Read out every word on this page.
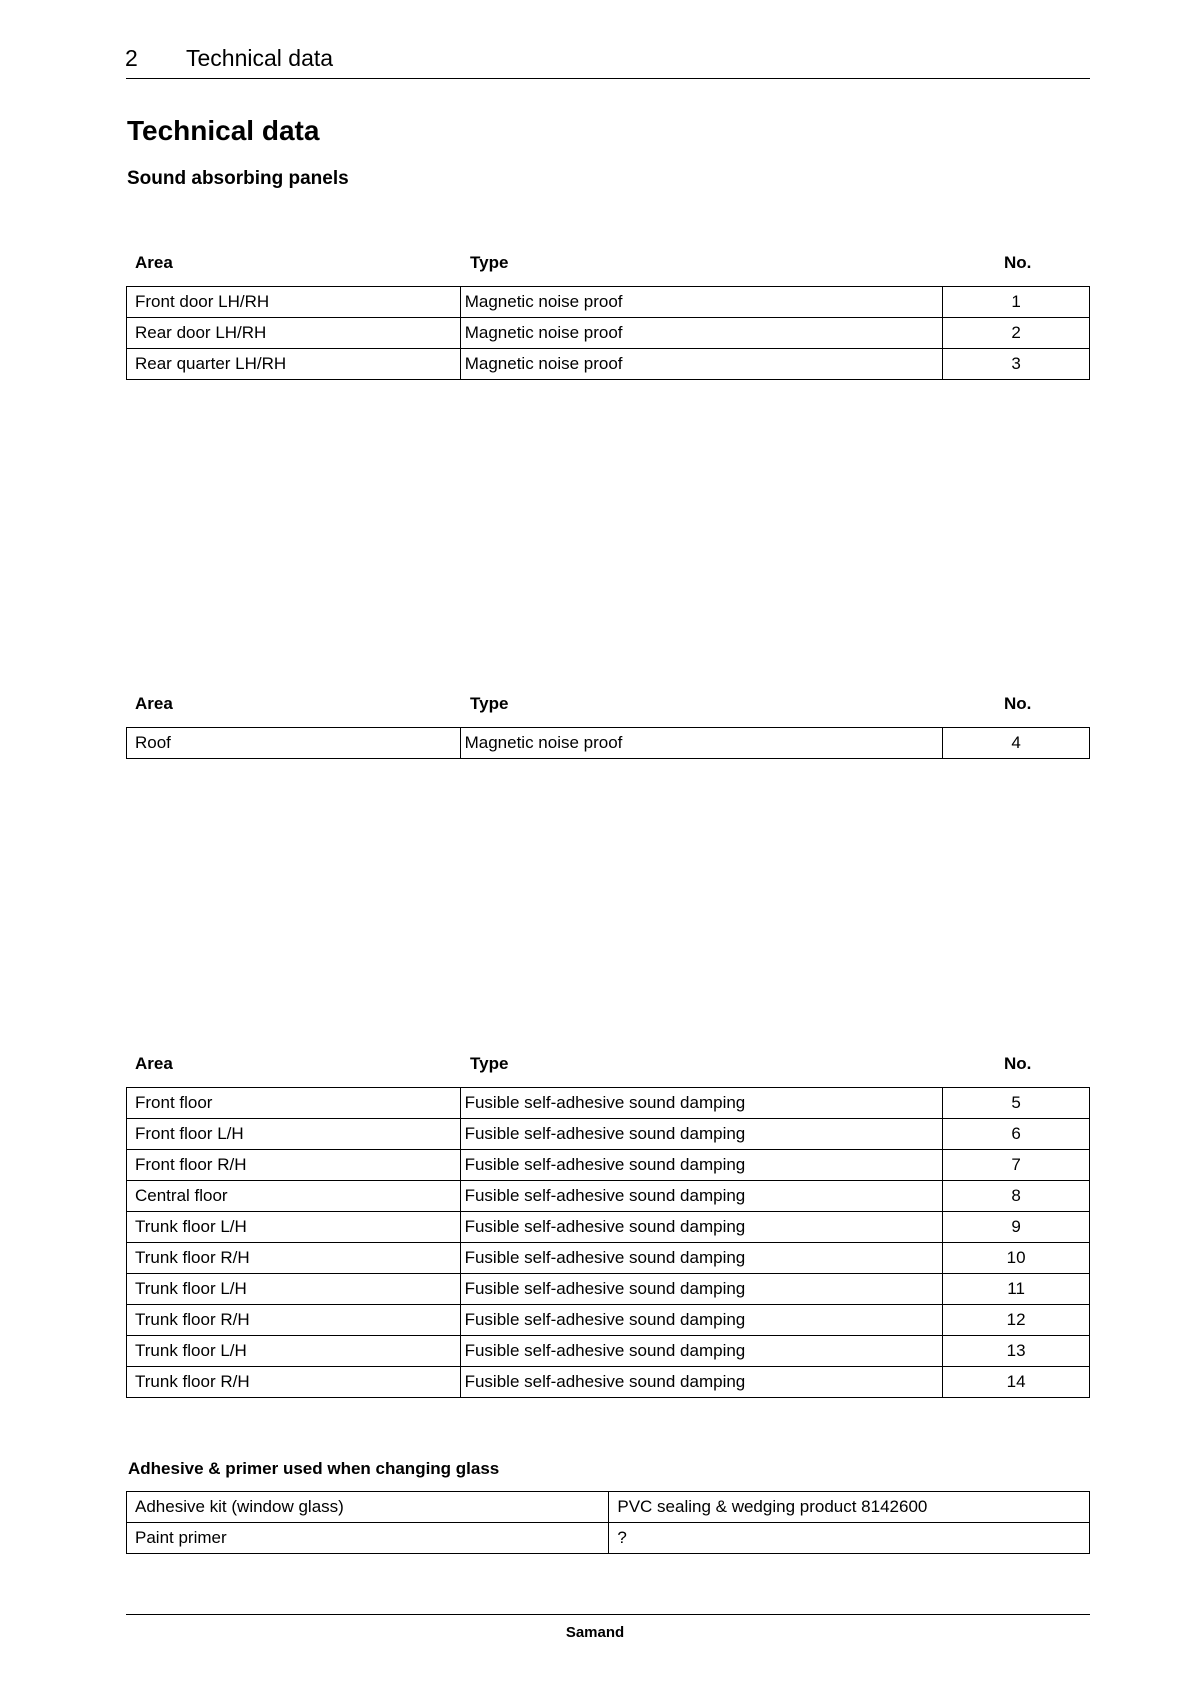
2 Technical data
Technical data
Sound absorbing panels
Area	Type	No.
Front door LH/RH	Magnetic noise proof	1
Rear door LH/RH	Magnetic noise proof	2
Rear quarter LH/RH	Magnetic noise proof	3
Area	Type	No.
Roof	Magnetic noise proof	4
Area	Type	No.
Front floor	Fusible self-adhesive sound damping	5
Front floor L/H	Fusible self-adhesive sound damping	6
Front floor R/H	Fusible self-adhesive sound damping	7
Central floor	Fusible self-adhesive sound damping	8
Trunk floor L/H	Fusible self-adhesive sound damping	9
Trunk floor R/H	Fusible self-adhesive sound damping	10
Trunk floor L/H	Fusible self-adhesive sound damping	11
Trunk floor R/H	Fusible self-adhesive sound damping	12
Trunk floor L/H	Fusible self-adhesive sound damping	13
Trunk floor R/H	Fusible self-adhesive sound damping	14
Adhesive & primer used when changing glass
Adhesive kit (window glass)	PVC sealing & wedging product 8142600
Paint primer	?
Samand
